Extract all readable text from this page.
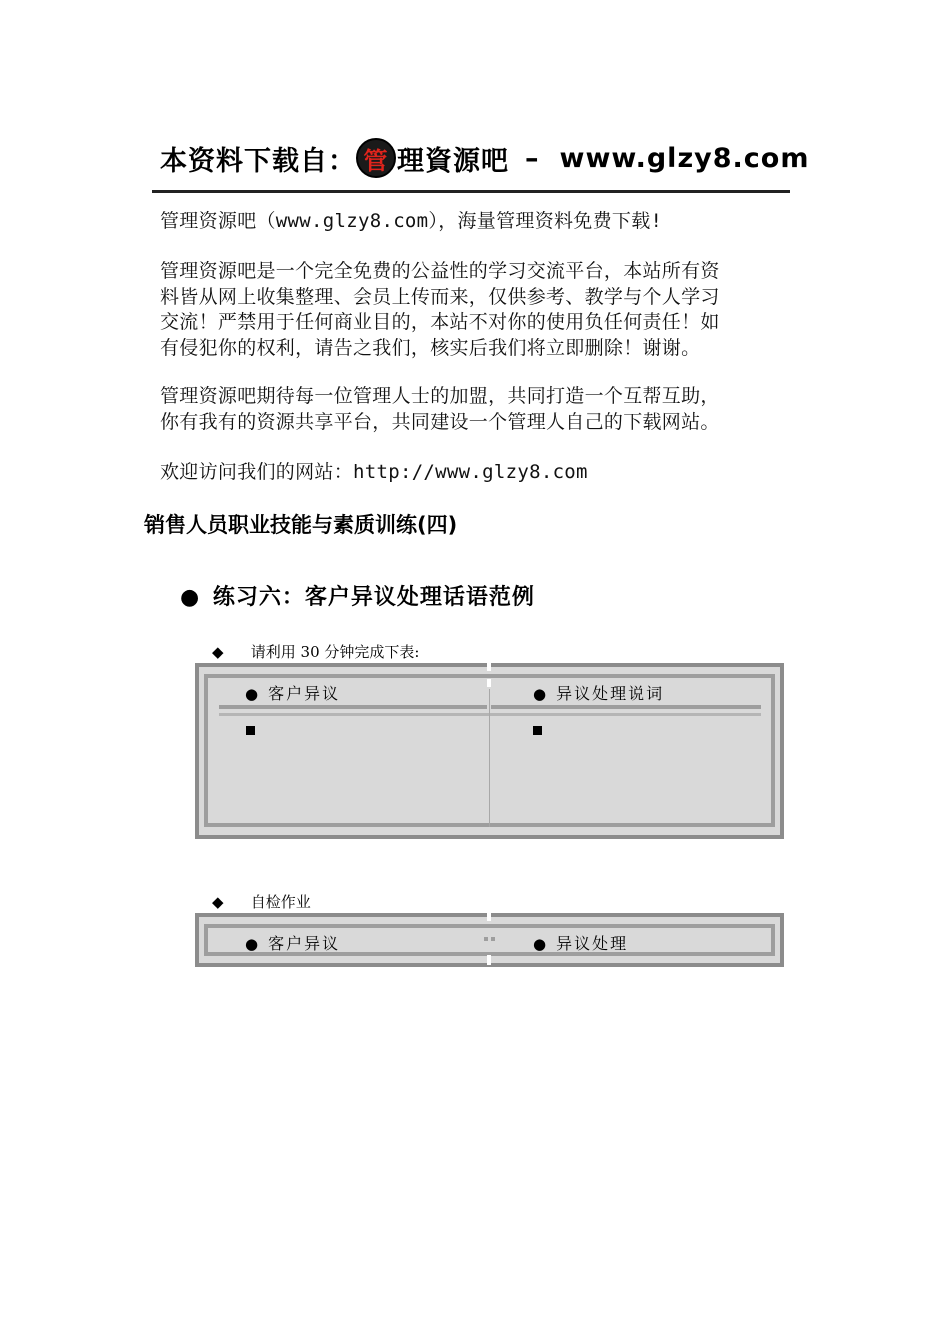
本资料下载自： 管 理資源吧 – www.glzy8.com

管理资源吧（www.glzy8.com），海量管理资料免费下载!

管理资源吧是一个完全免费的公益性的学习交流平台，本站所有资

料皆从网上收集整理、会员上传而来，仅供参考、教学与个人学习

交流！严禁用于任何商业目的，本站不对你的使用负任何责任！如

有侵犯你的权利，请告之我们，核实后我们将立即删除！谢谢。

管理资源吧期待每一位管理人士的加盟，共同打造一个互帮互助，

你有我有的资源共享平台，共同建设一个管理人自己的下载网站。

欢迎访问我们的网站：http://www.glzy8.com

销售人员职业技能与素质训练(四)
● 练习六：客户异议处理话语范例
◆ 请利用 30 分钟完成下表:
● 客户异议	● 异议处理说词
◆ 自检作业
● 客户异议	● 异议处理
